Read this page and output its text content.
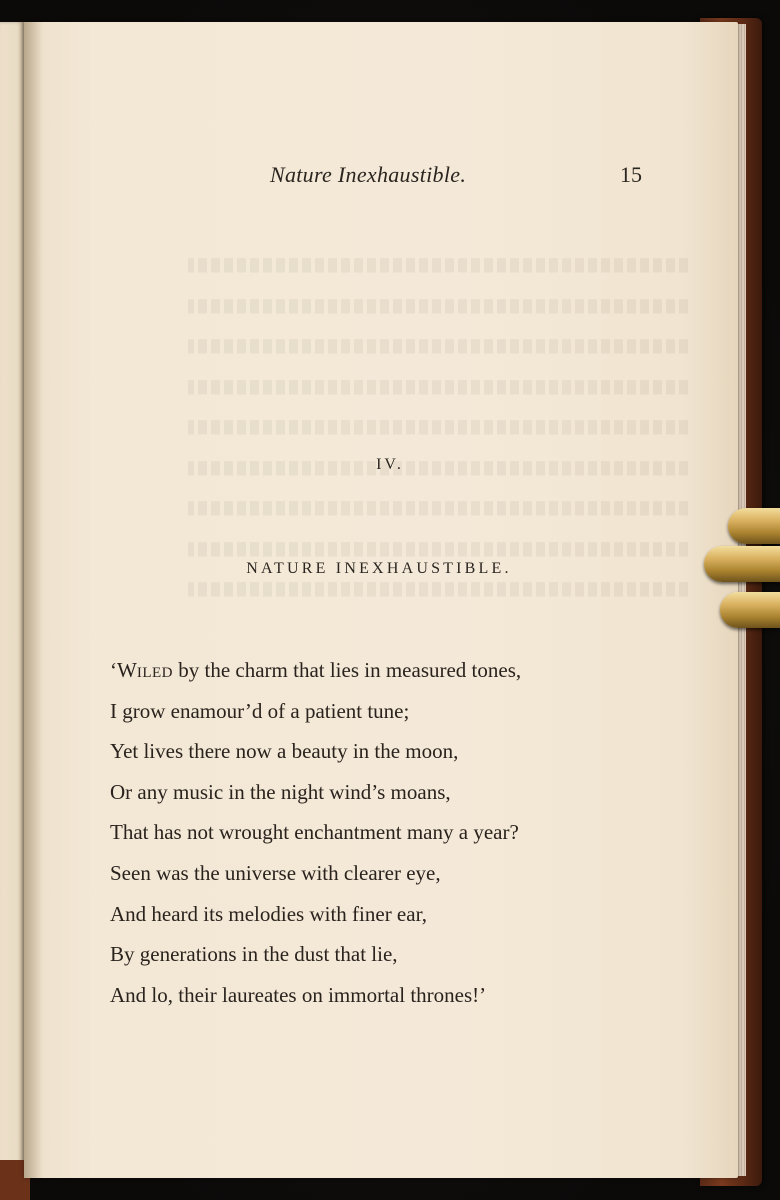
Nature Inexhaustible.	15
IV.
NATURE INEXHAUSTIBLE.
‘WILED by the charm that lies in measured tones,
I grow enamour’d of a patient tune;
Yet lives there now a beauty in the moon,
Or any music in the night wind’s moans,
That has not wrought enchantment many a year?
Seen was the universe with clearer eye,
And heard its melodies with finer ear,
By generations in the dust that lie,
And lo, their laureates on immortal thrones!’
